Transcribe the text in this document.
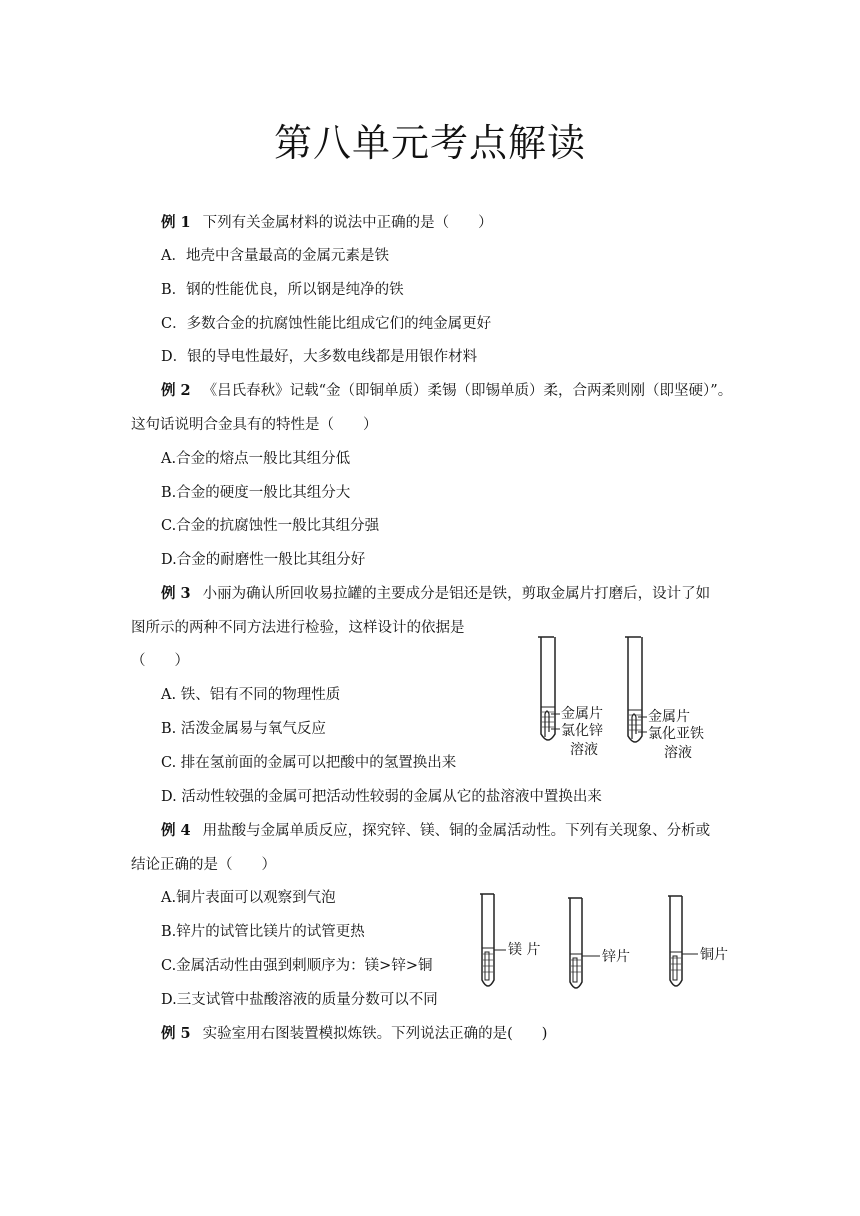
第八单元考点解读
例 1 下列有关金属材料的说法中正确的是（　　）
A．地壳中含量最高的金属元素是铁
B．钢的性能优良，所以钢是纯净的铁
C．多数合金的抗腐蚀性能比组成它们的纯金属更好
D．银的导电性最好，大多数电线都是用银作材料
例 2 《吕氏春秋》记载“金（即铜单质）柔锡（即锡单质）柔，合两柔则刚（即坚硬）”。
这句话说明合金具有的特性是（　　）
A.合金的熔点一般比其组分低
B.合金的硬度一般比其组分大
C.合金的抗腐蚀性一般比其组分强
D.合金的耐磨性一般比其组分好
例 3 小丽为确认所回收易拉罐的主要成分是铝还是铁，剪取金属片打磨后，设计了如
图所示的两种不同方法进行检验，这样设计的依据是
（　　）
A. 铁、铝有不同的物理性质
B. 活泼金属易与氧气反应
C. 排在氢前面的金属可以把酸中的氢置换出来
D. 活动性较强的金属可把活动性较弱的金属从它的盐溶液中置换出来
金属片
氯化锌
溶液
金属片
氯化亚铁
溶液
例 4 用盐酸与金属单质反应，探究锌、镁、铜的金属活动性。下列有关现象、分析或
结论正确的是（　　）
A.铜片表面可以观察到气泡
B.锌片的试管比镁片的试管更热
C.金属活动性由强到剌顺序为：镁>锌>铜
D.三支试管中盐酸溶液的质量分数可以不同
镁 片	锌片	铜片
例 5 实验室用右图装置模拟炼铁。下列说法正确的是(　　)
